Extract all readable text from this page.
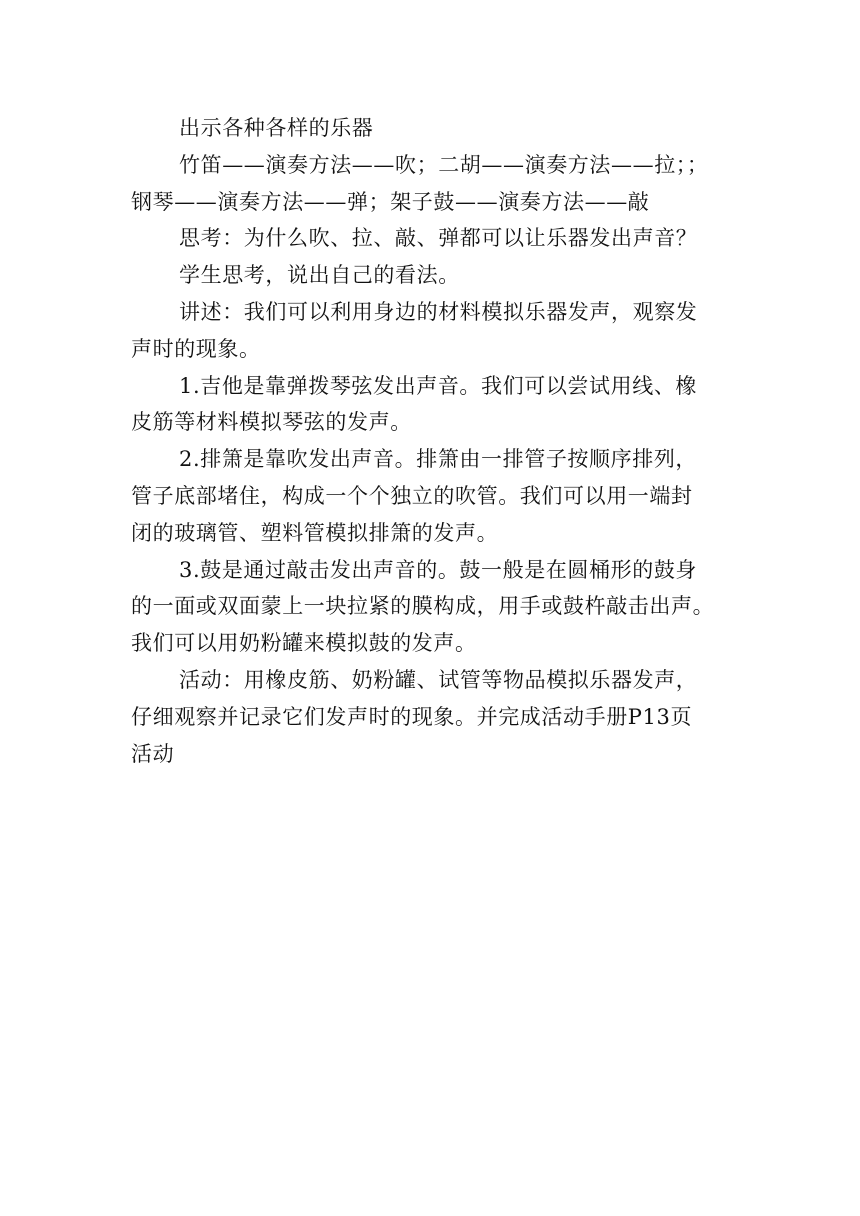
出示各种各样的乐器

竹笛——演奏方法——吹；二胡——演奏方法——拉；；

钢琴——演奏方法——弹；架子鼓——演奏方法——敲

思考：为什么吹、拉、敲、弹都可以让乐器发出声音？

学生思考，说出自己的看法。

讲述：我们可以利用身边的材料模拟乐器发声，观察发
声时的现象。

1.吉他是靠弹拨琴弦发出声音。我们可以尝试用线、橡
皮筋等材料模拟琴弦的发声。

2.排箫是靠吹发出声音。排箫由一排管子按顺序排列，
管子底部堵住，构成一个个独立的吹管。我们可以用一端封
闭的玻璃管、塑料管模拟排箫的发声。

3.鼓是通过敲击发出声音的。鼓一般是在圆桶形的鼓身
的一面或双面蒙上一块拉紧的膜构成，用手或鼓杵敲击出声。
我们可以用奶粉罐来模拟鼓的发声。

活动：用橡皮筋、奶粉罐、试管等物品模拟乐器发声，
仔细观察并记录它们发声时的现象。并完成活动手册P13页
活动
